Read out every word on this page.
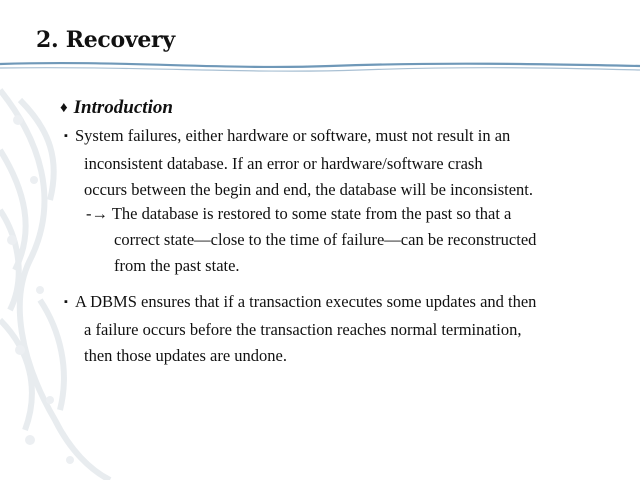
2. Recovery
♦ Introduction
▪ System failures, either hardware or software, must not result in an
inconsistent database. If an error or hardware/software crash
occurs between the begin and end, the database will be inconsistent.
-→ The database is restored to some state from the past so that a
correct state—close to the time of failure—can be reconstructed
from the past state.
▪ A DBMS ensures that if a transaction executes some updates and then
a failure occurs before the transaction reaches normal termination,
then those updates are undone.
